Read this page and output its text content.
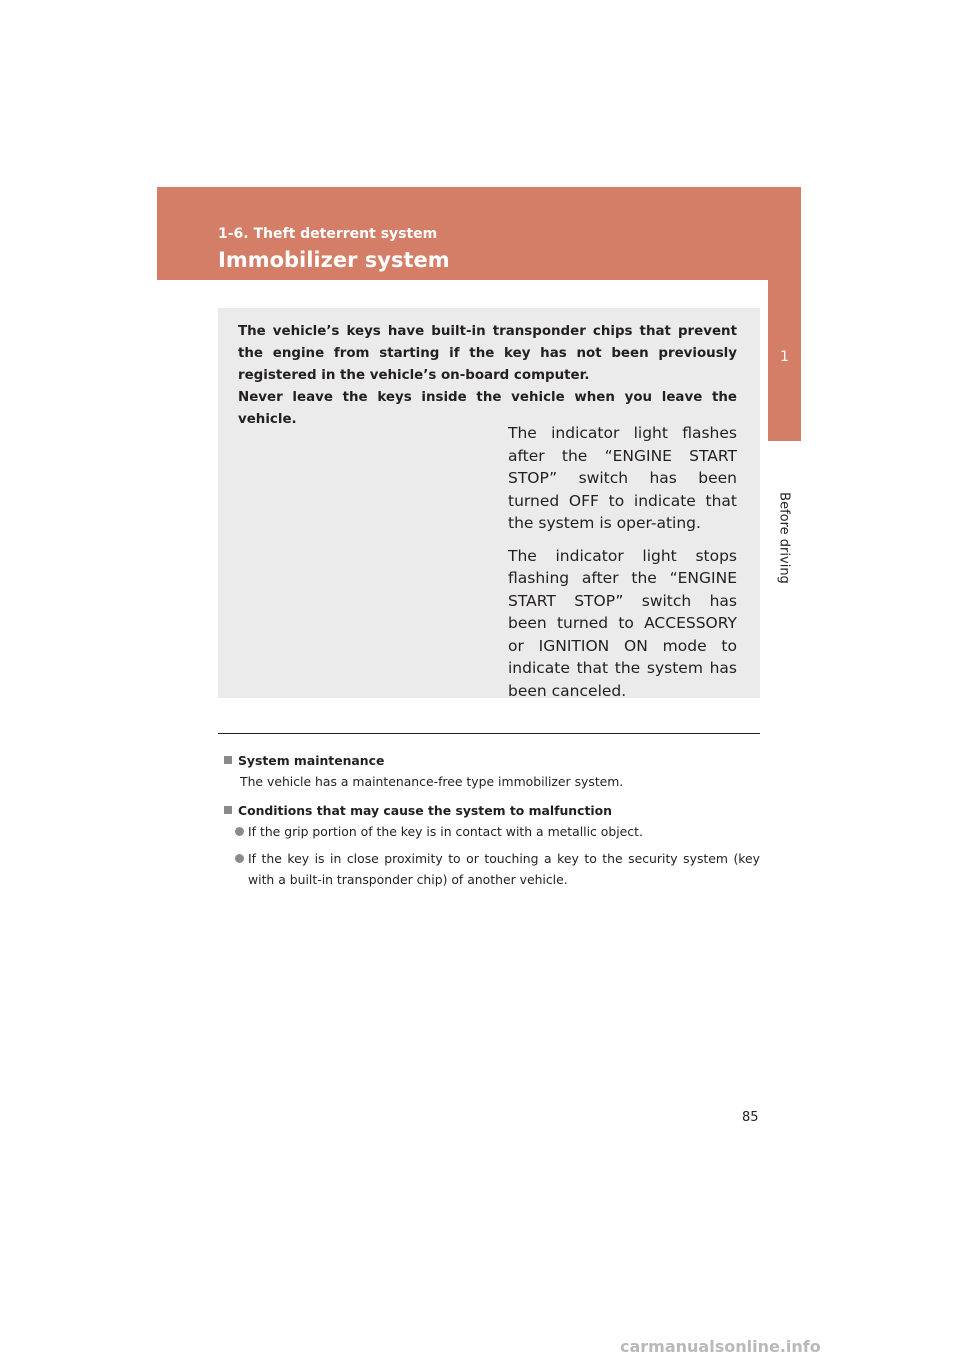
1-6. Theft deterrent system
Immobilizer system
1
Before driving

The vehicle’s keys have built-in transponder chips that prevent the engine from starting if the key has not been previously registered in the vehicle’s on-board computer.

Never leave the keys inside the vehicle when you leave the vehicle.

The indicator light flashes after the “ENGINE START STOP” switch has been turned OFF to indicate that the system is oper-ating.

The indicator light stops flashing after the “ENGINE START STOP” switch has been turned to ACCESSORY or IGNITION ON mode to indicate that the system has been canceled.

System maintenance

The vehicle has a maintenance-free type immobilizer system.

Conditions that may cause the system to malfunction

If the grip portion of the key is in contact with a metallic object.
If the key is in close proximity to or touching a key to the security system (key with a built-in transponder chip) of another vehicle.
85
carmanualsonline.info
